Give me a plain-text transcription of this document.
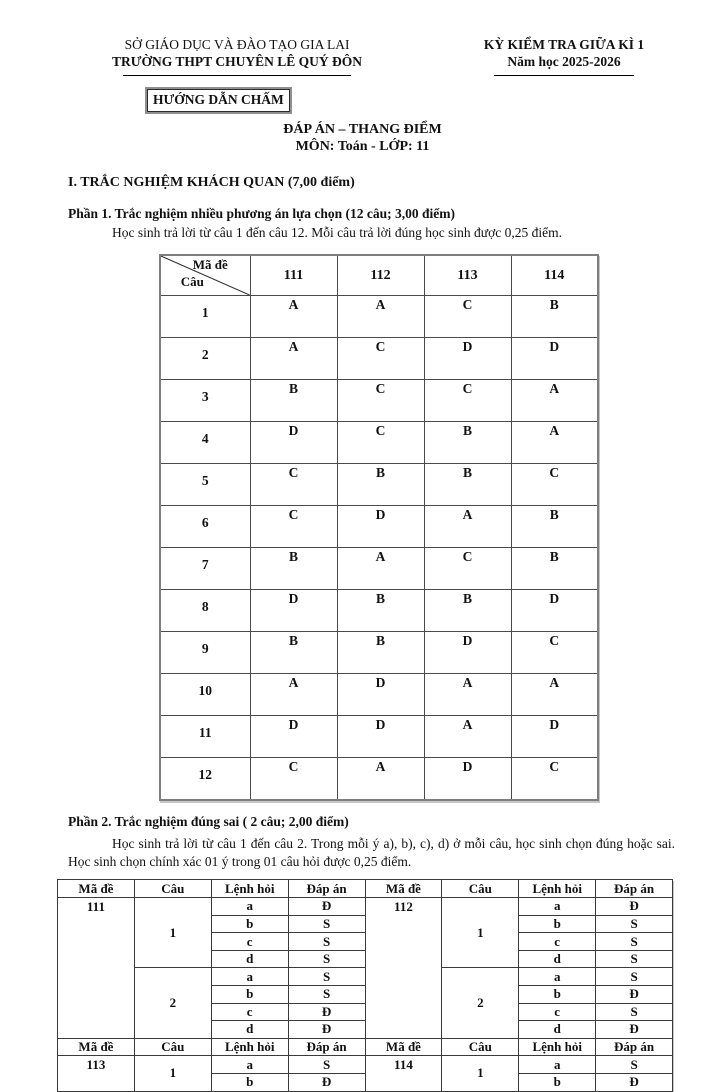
SỞ GIÁO DỤC VÀ ĐÀO TẠO GIA LAI
TRƯỜNG THPT CHUYÊN LÊ QUÝ ĐÔN
KỲ KIỂM TRA GIỮA KÌ 1
Năm học 2025-2026
HƯỚNG DẪN CHẤM
ĐÁP ÁN – THANG ĐIỂM
MÔN: Toán - LỚP: 11
I. TRẮC NGHIỆM KHÁCH QUAN (7,00 điểm)
Phần 1. Trắc nghiệm nhiều phương án lựa chọn (12 câu; 3,00 điểm)
Học sinh trả lời từ câu 1 đến câu 12. Mỗi câu trả lời đúng học sinh được 0,25 điểm.
Mã đề
Câu	111	112	113	114
1	A	A	C	B
2	A	C	D	D
3	B	C	C	A
4	D	C	B	A
5	C	B	B	C
6	C	D	A	B
7	B	A	C	B
8	D	B	B	D
9	B	B	D	C
10	A	D	A	A
11	D	D	A	D
12	C	A	D	C
Phần 2. Trắc nghiệm đúng sai ( 2 câu; 2,00 điểm)
Học sinh trả lời từ câu 1 đến câu 2. Trong mỗi ý a), b), c), d) ở mỗi câu, học sinh chọn đúng hoặc sai. Học sinh chọn chính xác 01 ý trong 01 câu hỏi được 0,25 điểm.
Mã đề	Câu	Lệnh hỏi	Đáp án	Mã đề	Câu	Lệnh hỏi	Đáp án
111	1	a	Đ	112	1	a	Đ
		b	S			b	S
		c	S			c	S
		d	S			d	S
	2	a	S		2	a	S
		b	S			b	Đ
		c	Đ			c	S
		d	Đ			d	Đ
Mã đề	Câu	Lệnh hỏi	Đáp án	Mã đề	Câu	Lệnh hỏi	Đáp án
113	1	a	S	114	1	a	S
		b	Đ			b	Đ
